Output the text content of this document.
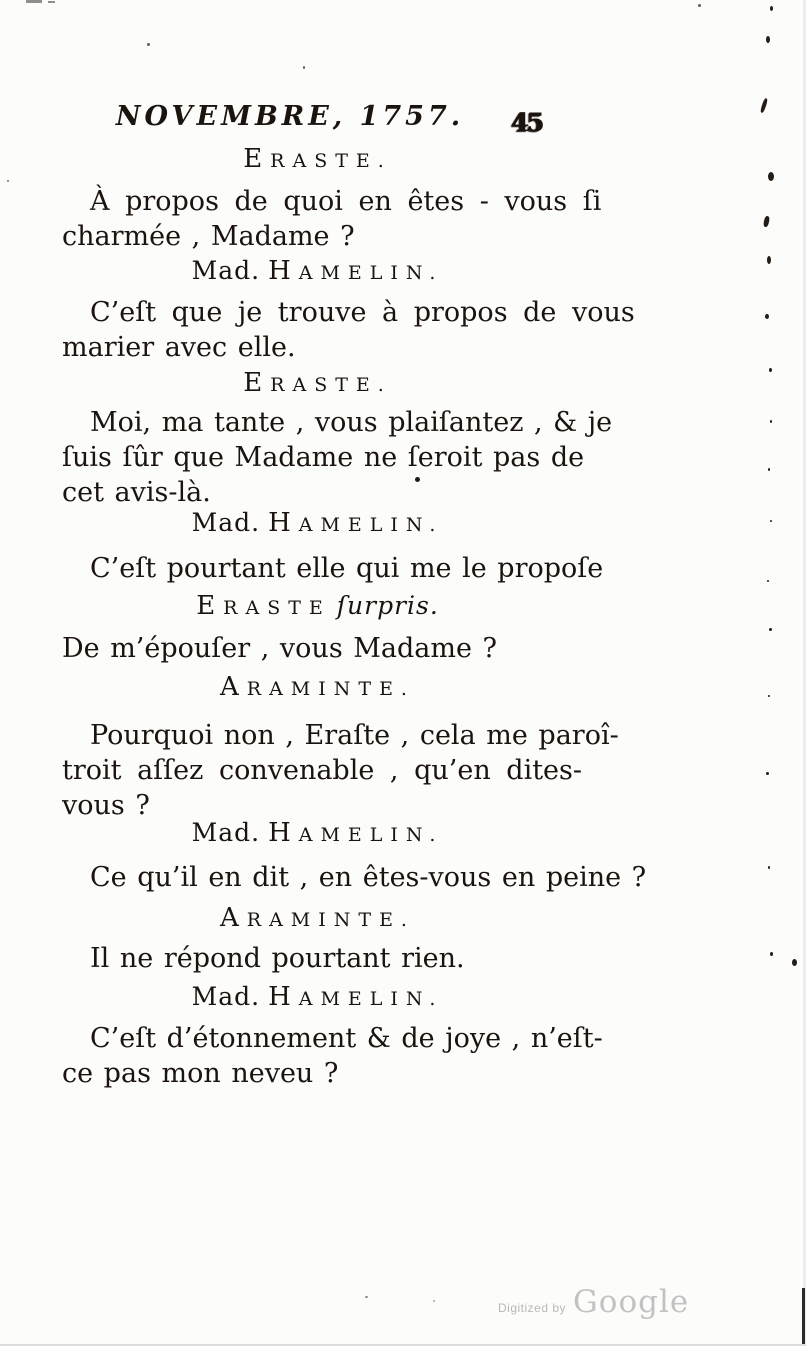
NOVEMBRE, 1757.	45
ERASTE.
À propos de quoi en êtes - vous ſi
charmée , Madame ?
Mad. HAMELIN.
C’eſt que je trouve à propos de vous
marier avec elle.
ERASTE.
Moi, ma tante , vous plaiſantez , & je
ſuis ſûr que Madame ne ſeroit pas de
cet avis-là.
Mad. HAMELIN.
C’eſt pourtant elle qui me le propoſe
ERASTE ſurpris.
De m’épouſer , vous Madame ?
ARAMINTE.
Pourquoi non , Eraſte , cela me paroî-
troit aſſez convenable , qu’en dites-
vous ?
Mad. HAMELIN.
Ce qu’il en dit , en êtes-vous en peine ?
ARAMINTE.
Il ne répond pourtant rien.
Mad. HAMELIN.
C’eſt d’étonnement & de joye , n’eſt-
ce pas mon neveu ?
Digitized by Google
